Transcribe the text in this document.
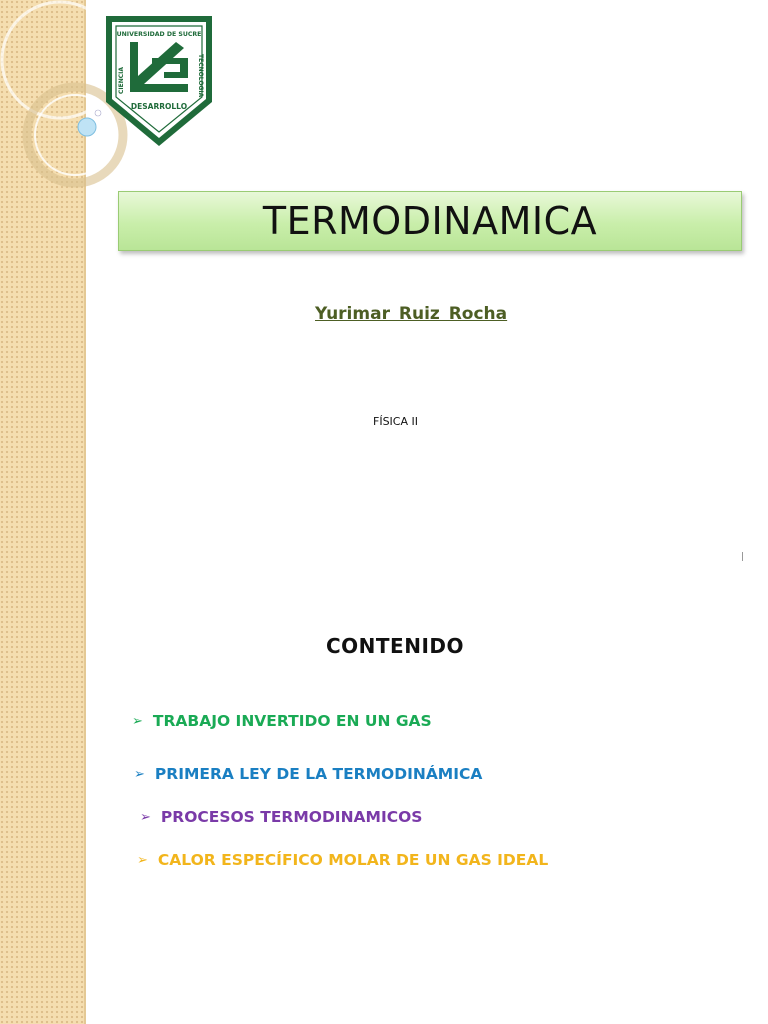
UNIVERSIDAD DE SUCRE
CIENCIA	TECNOLOGIA
DESARROLLO
TERMODINAMICA
Yurimar Ruiz Rocha
FÍSICA II
CONTENIDO
➢ TRABAJO INVERTIDO EN UN GAS
➢ PRIMERA LEY DE LA TERMODINÁMICA
➢ PROCESOS TERMODINAMICOS
➢ CALOR ESPECÍFICO MOLAR DE UN GAS IDEAL
